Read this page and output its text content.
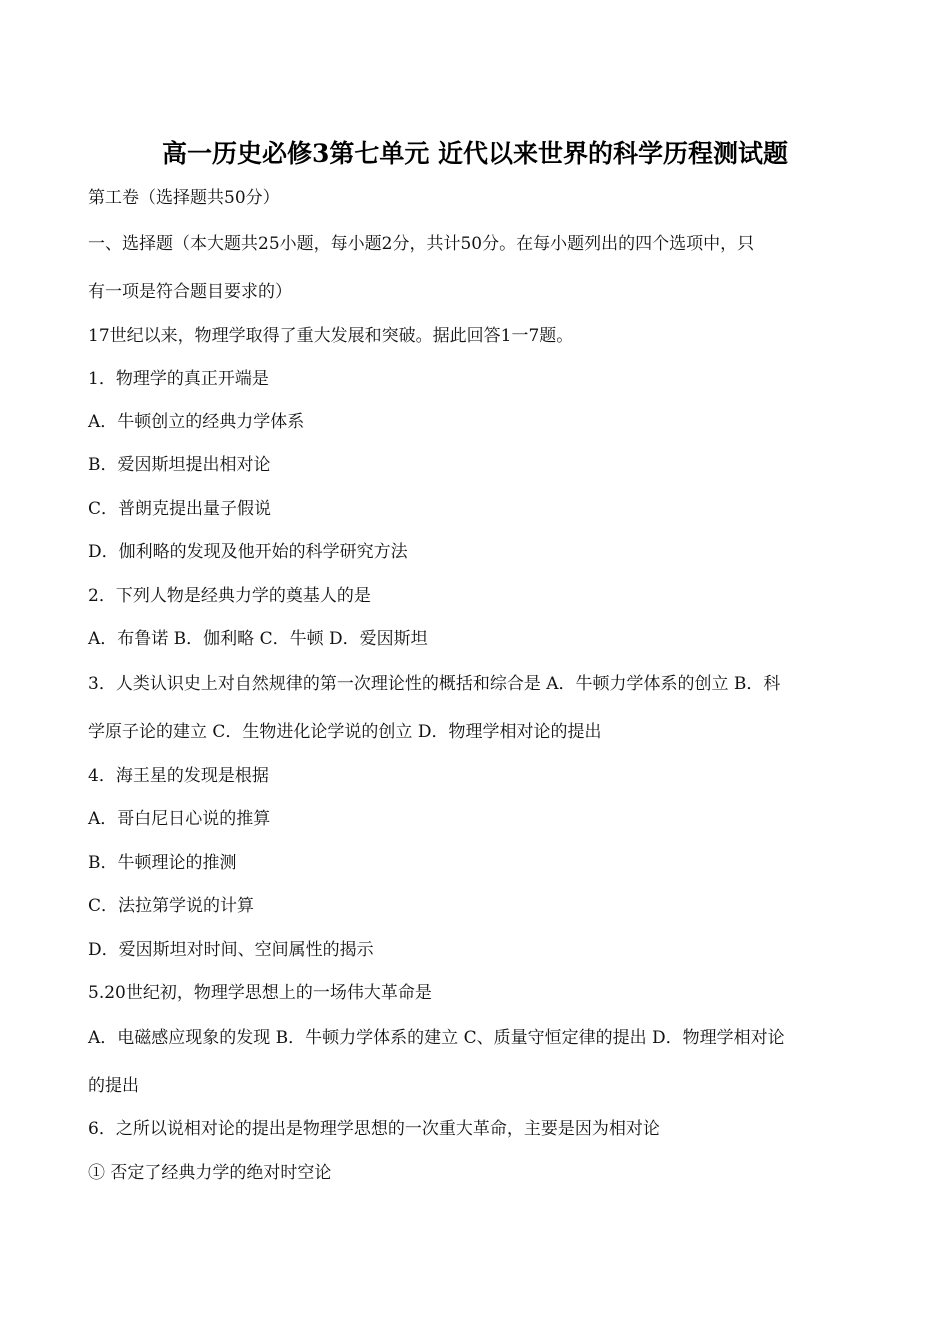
高一历史必修3第七单元 近代以来世界的科学历程测试题
第工卷（选择题共50分）
一、选择题（本大题共25小题，每小题2分，共计50分。在每小题列出的四个选项中，只
有一项是符合题目要求的）
17世纪以来，物理学取得了重大发展和突破。据此回答1一7题。
1．物理学的真正开端是
A．牛顿创立的经典力学体系
B．爱因斯坦提出相对论
C．普朗克提出量子假说
D．伽利略的发现及他开始的科学研究方法
2．下列人物是经典力学的奠基人的是
A．布鲁诺 B．伽利略 C．牛顿 D．爱因斯坦
3．人类认识史上对自然规律的第一次理论性的概括和综合是 A．牛顿力学体系的创立 B．科
学原子论的建立 C．生物进化论学说的创立 D．物理学相对论的提出
4．海王星的发现是根据
A．哥白尼日心说的推算
B．牛顿理论的推测
C．法拉第学说的计算
D．爱因斯坦对时间、空间属性的揭示
5.20世纪初，物理学思想上的一场伟大革命是
A．电磁感应现象的发现 B．牛顿力学体系的建立 C、质量守恒定律的提出 D．物理学相对论
的提出
6．之所以说相对论的提出是物理学思想的一次重大革命，主要是因为相对论
① 否定了经典力学的绝对时空论
